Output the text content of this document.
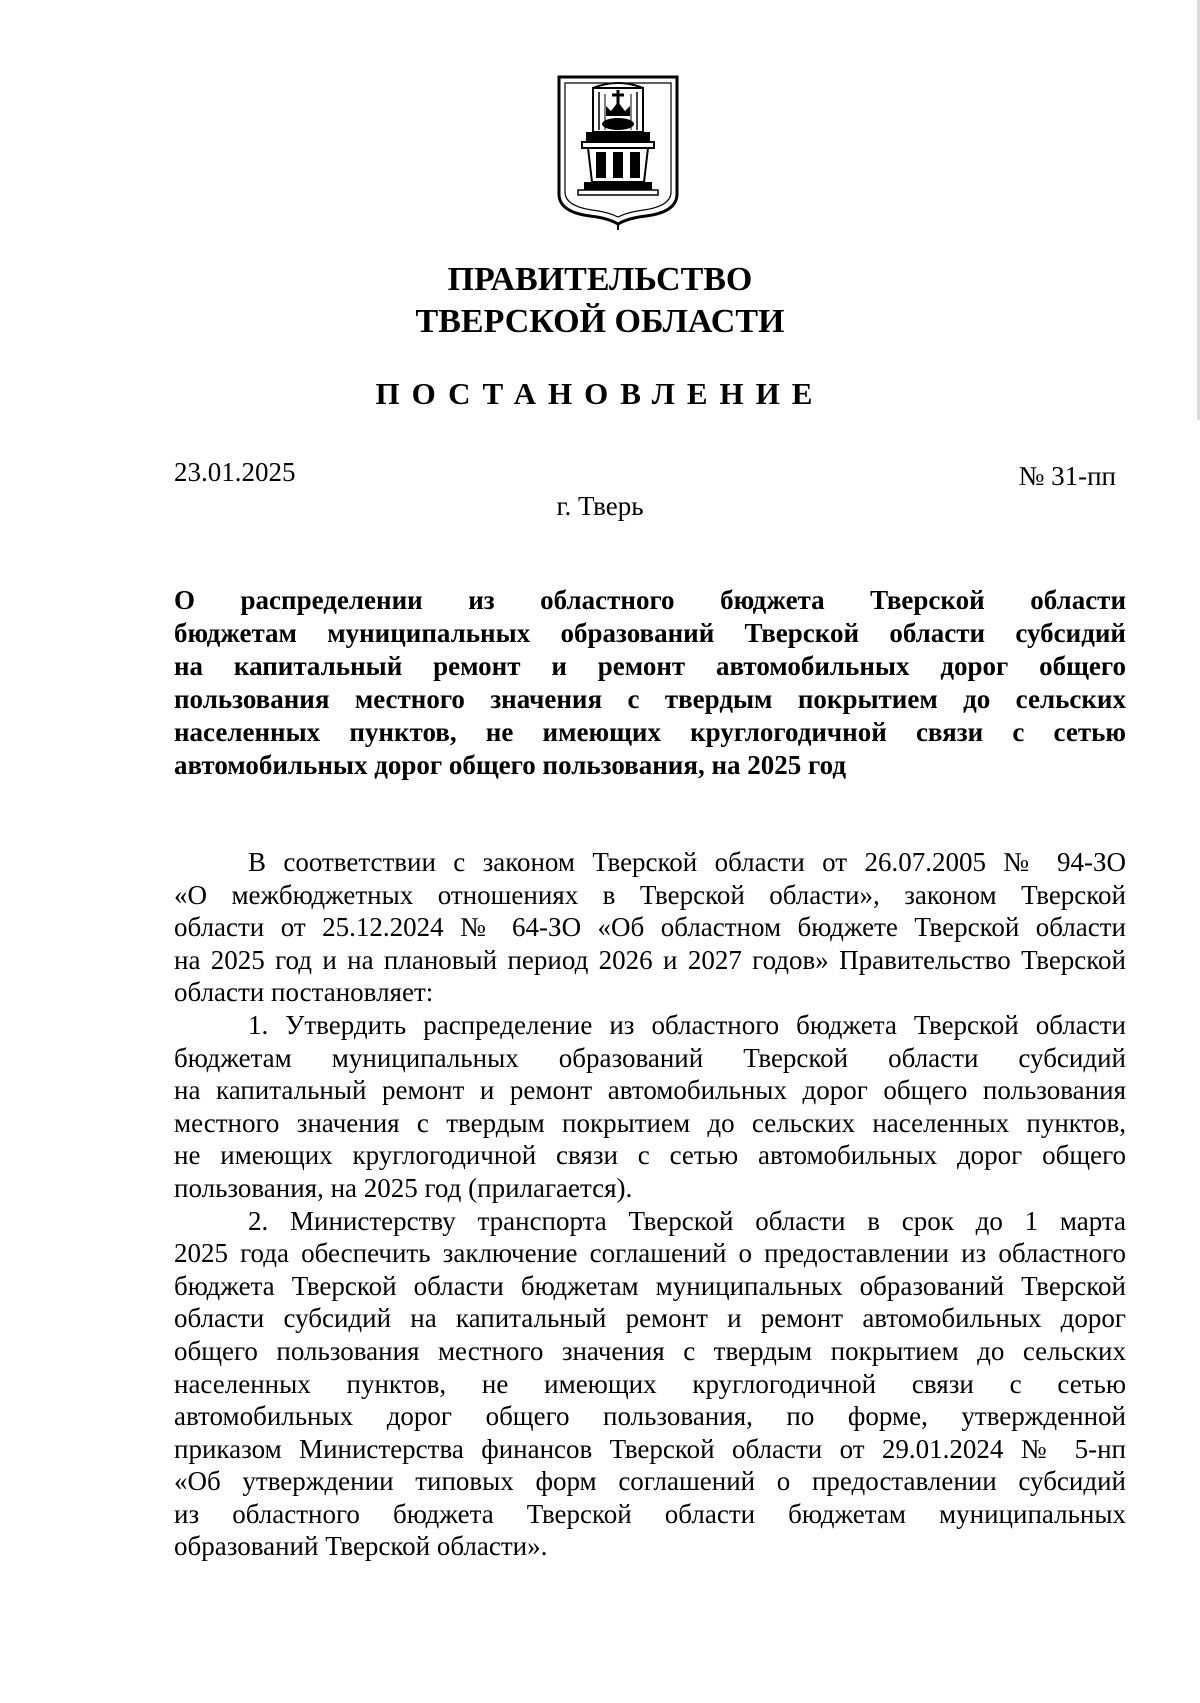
ПРАВИТЕЛЬСТВО
ТВЕРСКОЙ ОБЛАСТИ
ПОСТАНОВЛЕНИЕ
23.01.2025	№ 31-пп
г. Тверь
О распределении из областного бюджета Тверской области
бюджетам муниципальных образований Тверской области субсидий
на капитальный ремонт и ремонт автомобильных дорог общего
пользования местного значения с твердым покрытием до сельских
населенных пунктов, не имеющих круглогодичной связи с сетью
автомобильных дорог общего пользования, на 2025 год
В соответствии с законом Тверской области от 26.07.2005 № 94-ЗО
«О межбюджетных отношениях в Тверской области», законом Тверской
области от 25.12.2024 № 64-ЗО «Об областном бюджете Тверской области
на 2025 год и на плановый период 2026 и 2027 годов» Правительство Тверской
области постановляет:
1. Утвердить распределение из областного бюджета Тверской области
бюджетам муниципальных образований Тверской области субсидий
на капитальный ремонт и ремонт автомобильных дорог общего пользования
местного значения с твердым покрытием до сельских населенных пунктов,
не имеющих круглогодичной связи с сетью автомобильных дорог общего
пользования, на 2025 год (прилагается).
2. Министерству транспорта Тверской области в срок до 1 марта
2025 года обеспечить заключение соглашений о предоставлении из областного
бюджета Тверской области бюджетам муниципальных образований Тверской
области субсидий на капитальный ремонт и ремонт автомобильных дорог
общего пользования местного значения с твердым покрытием до сельских
населенных пунктов, не имеющих круглогодичной связи с сетью
автомобильных дорог общего пользования, по форме, утвержденной
приказом Министерства финансов Тверской области от 29.01.2024 № 5-нп
«Об утверждении типовых форм соглашений о предоставлении субсидий
из областного бюджета Тверской области бюджетам муниципальных
образований Тверской области».
